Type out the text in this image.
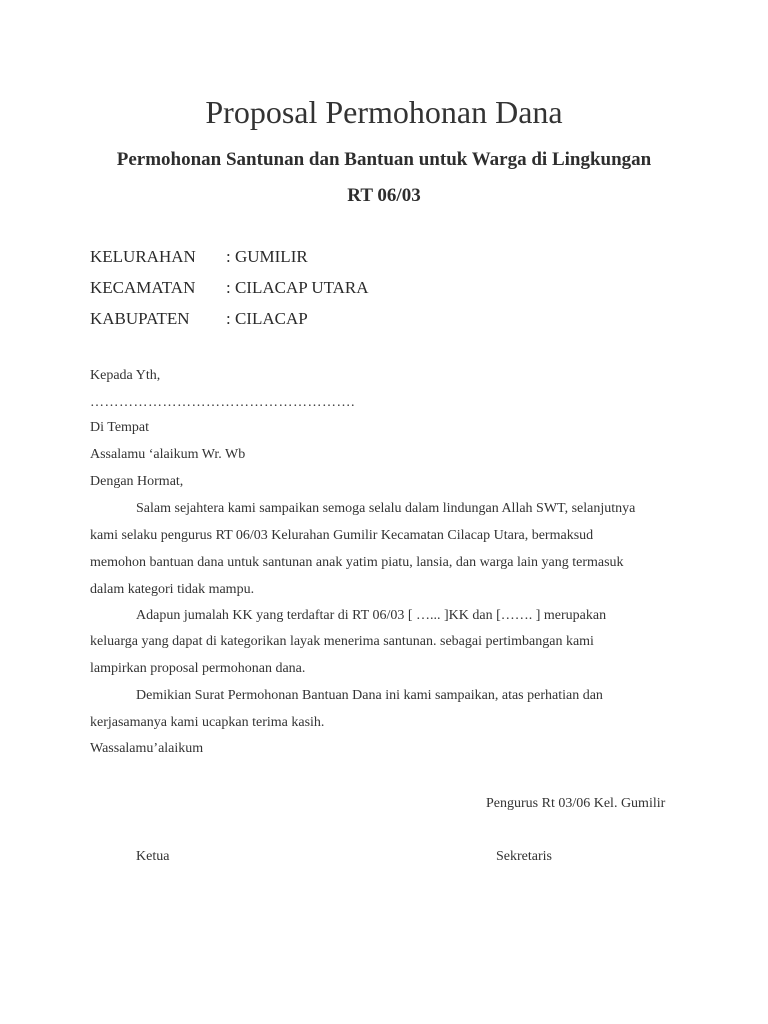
Proposal Permohonan Dana
Permohonan Santunan dan Bantuan untuk Warga di Lingkungan
RT 06/03
KELURAHAN : GUMILIR
KECAMATAN : CILACAP UTARA
KABUPATEN : CILACAP
Kepada Yth,
……………………………………………….
Di Tempat
Assalamu ‘alaikum Wr. Wb
Dengan Hormat,
Salam sejahtera kami sampaikan semoga selalu dalam lindungan Allah SWT, selanjutnya
kami selaku pengurus RT 06/03 Kelurahan Gumilir Kecamatan Cilacap Utara, bermaksud
memohon bantuan dana untuk santunan anak yatim piatu, lansia, dan warga lain yang termasuk
dalam kategori tidak mampu.
Adapun jumalah KK yang terdaftar di RT 06/03 [ …... ]KK dan [……. ] merupakan
keluarga yang dapat di kategorikan layak menerima santunan. sebagai pertimbangan kami
lampirkan proposal permohonan dana.
Demikian Surat Permohonan Bantuan Dana ini kami sampaikan, atas perhatian dan
kerjasamanya kami ucapkan terima kasih.
Wassalamu’alaikum
Pengurus Rt 03/06 Kel. Gumilir
Ketua	Sekretaris
